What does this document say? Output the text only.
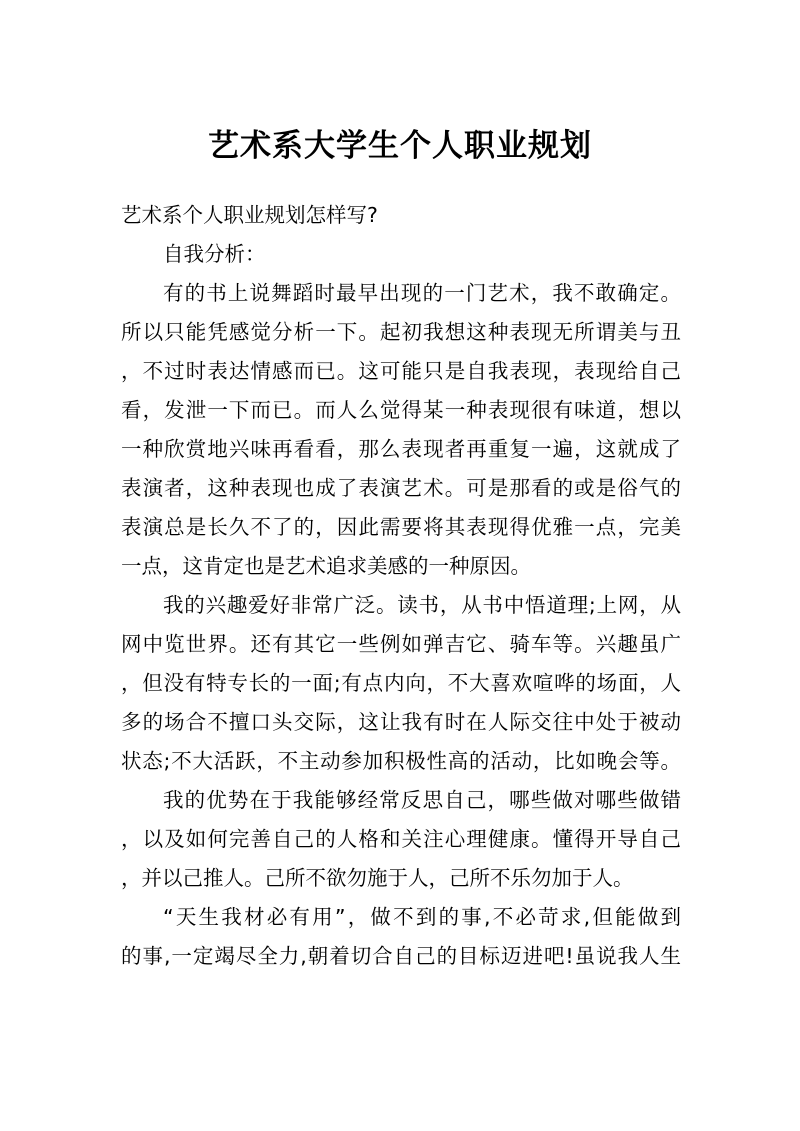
艺术系大学生个人职业规划
艺术系个人职业规划怎样写?
自我分析：
有的书上说舞蹈时最早出现的一门艺术，我不敢确定。
所以只能凭感觉分析一下。起初我想这种表现无所谓美与丑
，不过时表达情感而已。这可能只是自我表现，表现给自己
看，发泄一下而已。而人么觉得某一种表现很有味道，想以
一种欣赏地兴味再看看，那么表现者再重复一遍，这就成了
表演者，这种表现也成了表演艺术。可是那看的或是俗气的
表演总是长久不了的，因此需要将其表现得优雅一点，完美
一点，这肯定也是艺术追求美感的一种原因。
我的兴趣爱好非常广泛。读书，从书中悟道理;上网，从
网中览世界。还有其它一些例如弹吉它、骑车等。兴趣虽广
，但没有特专长的一面;有点内向，不大喜欢喧哗的场面，人
多的场合不擅口头交际，这让我有时在人际交往中处于被动
状态;不大活跃，不主动参加积极性高的活动，比如晚会等。
我的优势在于我能够经常反思自己，哪些做对哪些做错
，以及如何完善自己的人格和关注心理健康。懂得开导自己
，并以己推人。己所不欲勿施于人，己所不乐勿加于人。
“天生我材必有用”，做不到的事,不必苛求,但能做到
的事,一定竭尽全力,朝着切合自己的目标迈进吧!虽说我人生
